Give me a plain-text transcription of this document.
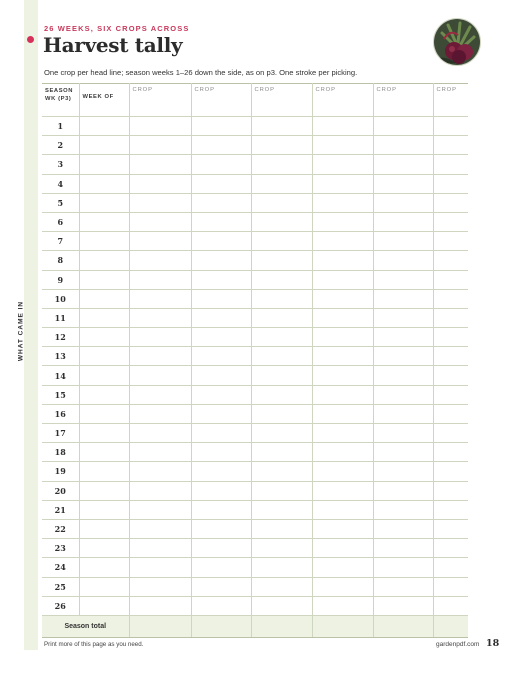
WHAT CAME IN
26 WEEKS, SIX CROPS ACROSS
Harvest tally
One crop per head line; season weeks 1–26 down the side, as on p3. One stroke per picking.
SEASON
WK (P3)	WEEK OF	CROP	CROP	CROP	CROP	CROP	CROP
1							
2							
3							
4							
5							
6							
7							
8							
9							
10							
11							
12							
13							
14							
15							
16							
17							
18							
19							
20							
21							
22							
23							
24							
25							
26							
Season total							
Print more of this page as you need.	gardenpdf.com 18
